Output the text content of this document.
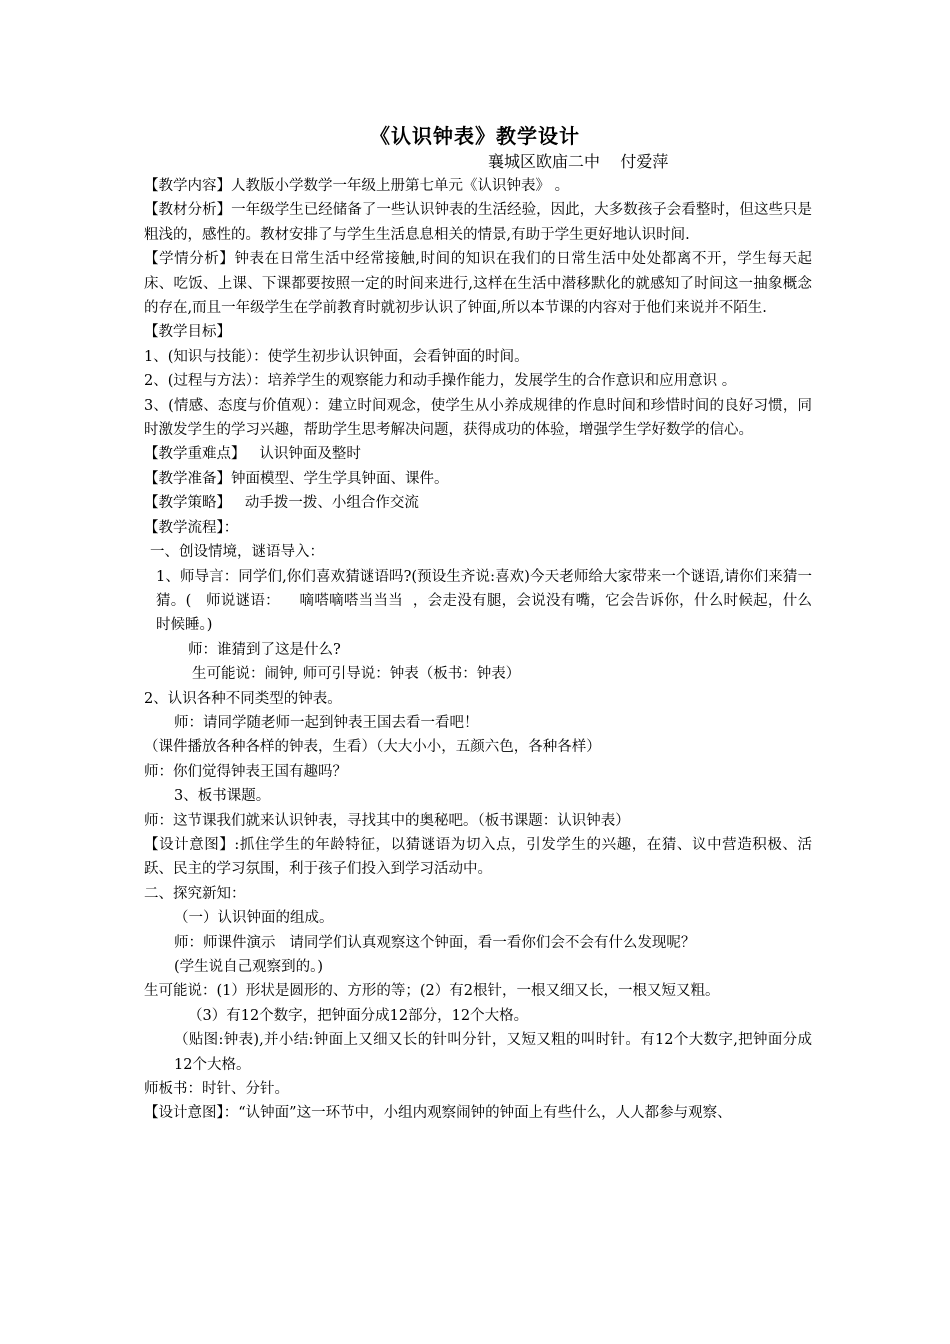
《认识钟表》教学设计
襄城区欧庙二中    付爱萍

【教学内容】人教版小学数学一年级上册第七单元《认识钟表》 。

【教材分析】一年级学生已经储备了一些认识钟表的生活经验，因此，大多数孩子会看整时，但这些只是粗浅的，感性的。教材安排了与学生生活息息相关的情景,有助于学生更好地认识时间.

【学情分析】钟表在日常生活中经常接触,时间的知识在我们的日常生活中处处都离不开，学生每天起床、吃饭、上课、下课都要按照一定的时间来进行,这样在生活中潜移默化的就感知了时间这一抽象概念的存在,而且一年级学生在学前教育时就初步认识了钟面,所以本节课的内容对于他们来说并不陌生.

【教学目标】

1、(知识与技能）：使学生初步认识钟面，会看钟面的时间。

2、(过程与方法）：培养学生的观察能力和动手操作能力，发展学生的合作意识和应用意识 。

3、(情感、态度与价值观）：建立时间观念，使学生从小养成规律的作息时间和珍惜时间的良好习惯，同时激发学生的学习兴趣，帮助学生思考解决问题，获得成功的体验，增强学生学好数学的信心。

【教学重难点】   认识钟面及整时

【教学准备】钟面模型、学生学具钟面、课件。

【教学策略】   动手拨一拨、小组合作交流

【教学流程】：

一、创设情境，谜语导入：

1、师导言：同学们,你们喜欢猜谜语吗?(预设生齐说:喜欢)今天老师给大家带来一个谜语,请你们来猜一猜。(   师说谜语：    嘀嗒嘀嗒当当当  ，会走没有腿，会说没有嘴，它会告诉你，什么时候起，什么时候睡。)

师：谁猜到了这是什么?

生可能说：闹钟, 师可引导说：钟表（板书：钟表）

2、认识各种不同类型的钟表。

师：请同学随老师一起到钟表王国去看一看吧！

（课件播放各种各样的钟表，生看）（大大小小，五颜六色，各种各样）

师：你们觉得钟表王国有趣吗？

3、板书课题。

师：这节课我们就来认识钟表，寻找其中的奥秘吧。（板书课题：认识钟表）

【设计意图】:抓住学生的年龄特征，以猜谜语为切入点，引发学生的兴趣，在猜、议中营造积极、活跃、民主的学习氛围，利于孩子们投入到学习活动中。

二、探究新知：

（一）认识钟面的组成。

师：师课件演示   请同学们认真观察这个钟面，看一看你们会不会有什么发现呢？

(学生说自己观察到的。)

生可能说：(1）形状是圆形的、方形的等；(2）有2根针，一根又细又长，一根又短又粗。

（3）有12个数字，把钟面分成12部分，12个大格。

（贴图:钟表),并小结:钟面上又细又长的针叫分针，又短又粗的叫时针。有12个大数字,把钟面分成12个大格。

师板书：时针、分针。

【设计意图】：“认钟面”这一环节中，小组内观察闹钟的钟面上有些什么，人人都参与观察、
